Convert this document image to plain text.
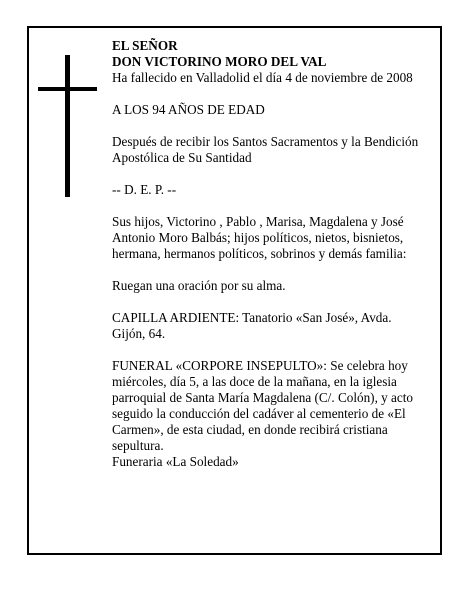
EL SEÑOR
DON VICTORINO MORO DEL VAL

Ha fallecido en Valladolid el día 4 de noviembre de 2008

A LOS 94 AÑOS DE EDAD

Después de recibir los Santos Sacramentos y la Bendición Apostólica de Su Santidad

-- D. E. P. --

Sus hijos, Victorino , Pablo , Marisa, Magdalena y José Antonio Moro Balbás; hijos políticos, nietos, bisnietos, hermana, hermanos políticos, sobrinos y demás familia:

Ruegan una oración por su alma.

CAPILLA ARDIENTE: Tanatorio «San José», Avda. Gijón, 64.

FUNERAL «CORPORE INSEPULTO»: Se celebra hoy miércoles, día 5, a las doce de la mañana, en la iglesia parroquial de Santa María Magdalena (C/. Colón), y acto seguido la conducción del cadáver al cementerio de «El Carmen», de esta ciudad, en donde recibirá cristiana sepultura.

Funeraria «La Soledad»
